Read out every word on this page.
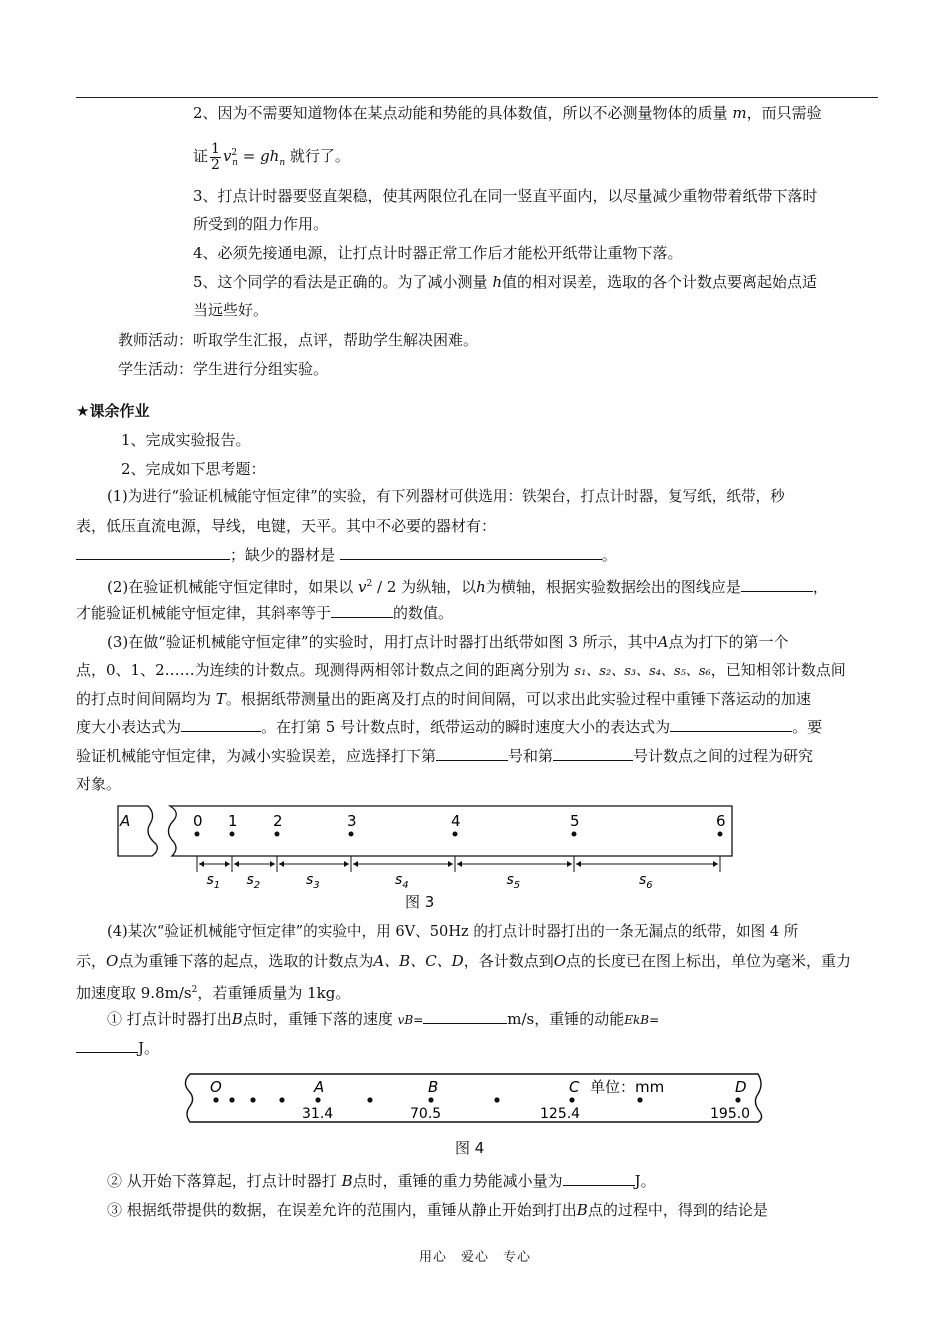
2、因为不需要知道物体在某点动能和势能的具体数值，所以不必测量物体的质量 m，而只需验
证 $\frac{1}{2} v^2_n = gh_n$ 就行了。
3、打点计时器要竖直架稳，使其两限位孔在同一竖直平面内，以尽量减少重物带着纸带下落时
所受到的阻力作用。
4、必须先接通电源，让打点计时器正常工作后才能松开纸带让重物下落。
5、这个同学的看法是正确的。为了减小测量 h值的相对误差，选取的各个计数点要离起始点适
当远些好。
教师活动：听取学生汇报，点评，帮助学生解决困难。
学生活动：学生进行分组实验。
★课余作业
1、完成实验报告。
2、完成如下思考题：
(1)为进行“验证机械能守恒定律”的实验，有下列器材可供选用：铁架台，打点计时器，复写纸，纸带，秒
表，低压直流电源，导线，电键，天平。其中不必要的器材有：
；缺少的器材是	。
(2)在验证机械能守恒定律时，如果以 $v^2 / 2$ 为纵轴，以h为横轴，根据实验数据绘出的图线应是	，
才能验证机械能守恒定律，其斜率等于	的数值。
(3)在做“验证机械能守恒定律”的实验时，用打点计时器打出纸带如图 3 所示，其中A点为打下的第一个
点，0、1、2……为连续的计数点。现测得两相邻计数点之间的距离分别为 s₁、s₂、s₃、s₄、s₅、s₆，已知相邻计数点间
的打点时间间隔均为 T。根据纸带测量出的距离及打点的时间间隔，可以求出此实验过程中重锤下落运动的加速
度大小表达式为	。在打第 5 号计数点时，纸带运动的瞬时速度大小的表达式为	。要
验证机械能守恒定律，为减小实验误差，应选择打下第	号和第	号计数点之间的过程为研究
对象。
A	0 1 2	3	4	5	6
$s_1$ $s_2$	$s_3$	$s_4$	$s_5$	$s_6$
图 3
(4)某次“验证机械能守恒定律”的实验中，用 6V、50Hz 的打点计时器打出的一条无漏点的纸带，如图 4 所
示，O点为重锤下落的起点，选取的计数点为A、B、C、D，各计数点到O点的长度已在图上标出，单位为毫米，重力
加速度取 $9.8m/s^2$，若重锤质量为 1kg。
① 打点计时器打出B点时，重锤下落的速度 vB=	m/s，重锤的动能EkB=
J。
单位：mm
O	A	B	C	D
31.4	70.5	125.4	195.0
图 4
② 从开始下落算起，打点计时器打 B点时，重锤的重力势能减小量为	J。
③ 根据纸带提供的数据，在误差允许的范围内，重锤从静止开始到打出B点的过程中，得到的结论是
用心　爱心　专心
